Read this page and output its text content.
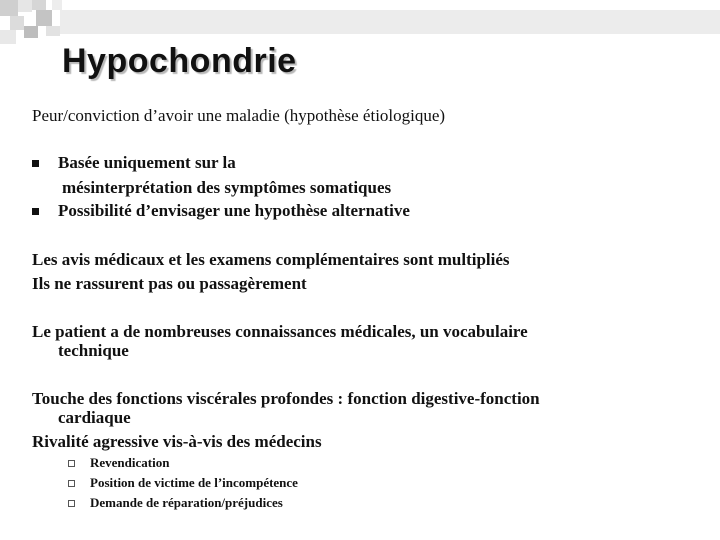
Hypochondrie
Peur/conviction d’avoir une maladie (hypothèse étiologique)
Basée uniquement sur la
mésinterprétation des symptômes somatiques
Possibilité d’envisager une hypothèse alternative
Les avis médicaux et les examens complémentaires sont multipliés
Ils ne rassurent pas ou passagèrement
Le patient a de nombreuses connaissances médicales, un vocabulaire
technique
Touche des fonctions viscérales profondes : fonction digestive-fonction
cardiaque
Rivalité agressive vis-à-vis des médecins
Revendication
Position de victime de l’incompétence
Demande de réparation/préjudices
